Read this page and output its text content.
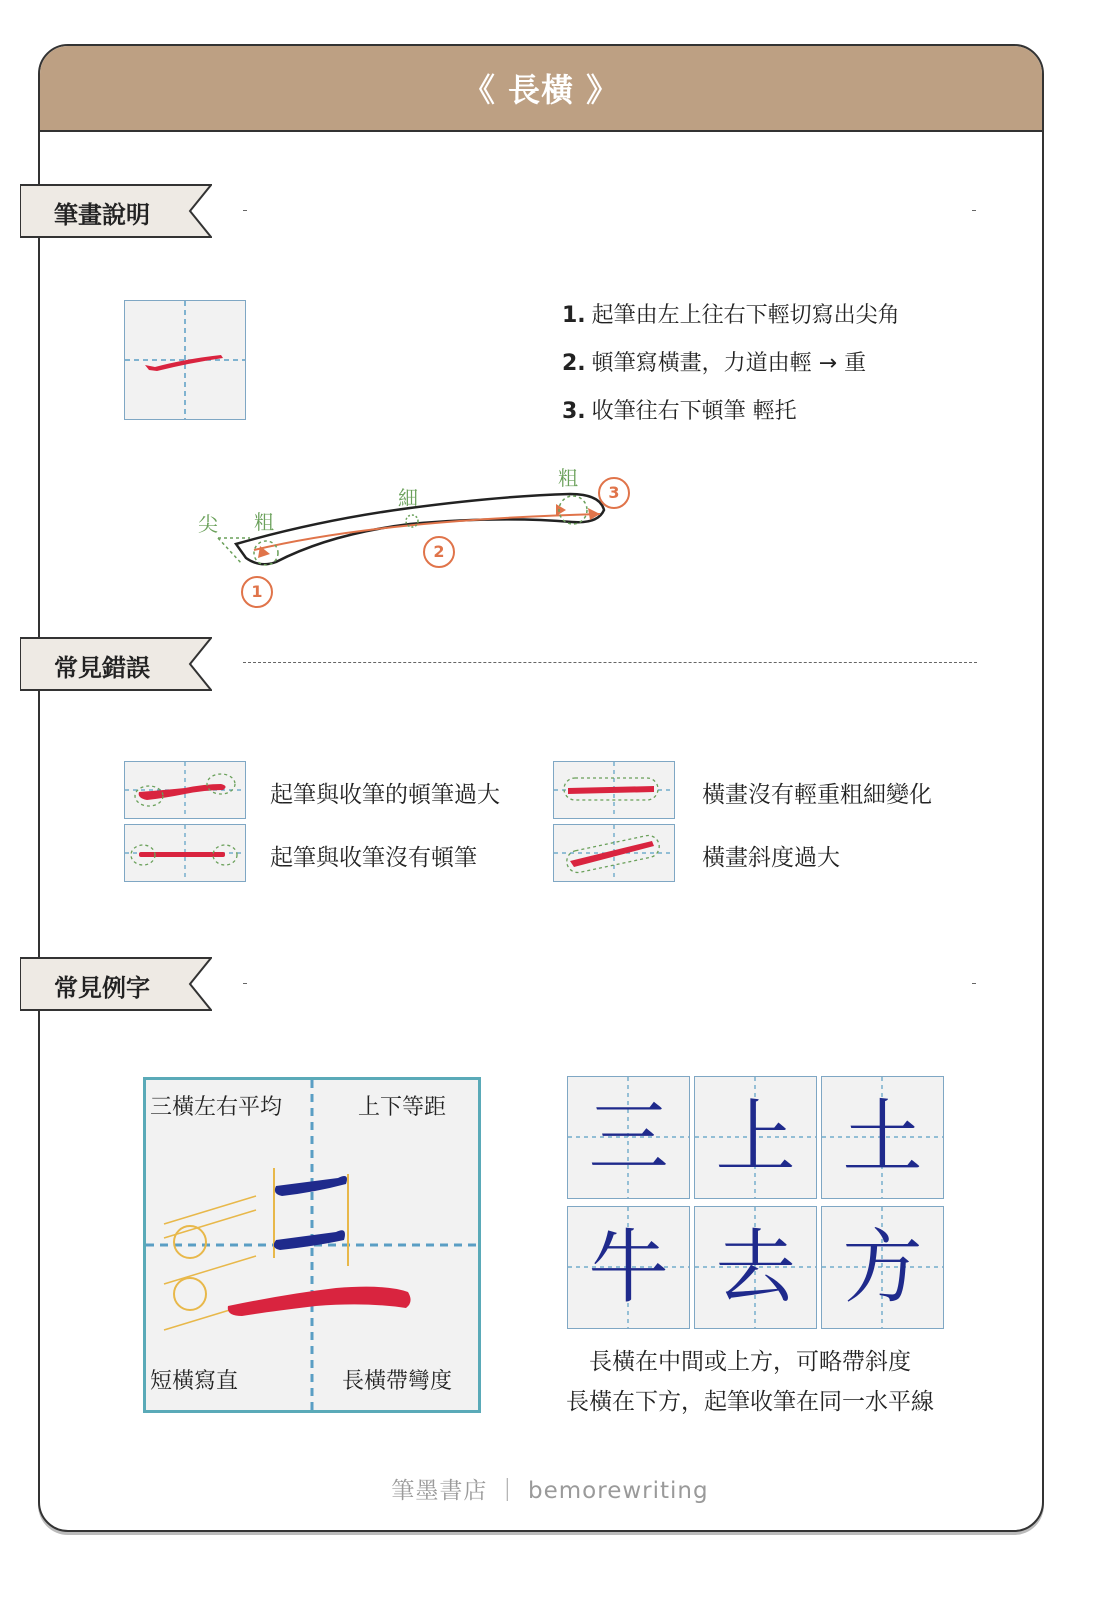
《 長橫 》
筆畫說明
1. 起筆由左上往右下輕切寫出尖角
2. 頓筆寫橫畫，力道由輕 → 重
3. 收筆往右下頓筆 輕托
尖 粗
細
粗
1
2
3
常見錯誤
起筆與收筆的頓筆過大	橫畫沒有輕重粗細變化
起筆與收筆沒有頓筆	橫畫斜度過大
常見例字
三橫左右平均	上下等距
短橫寫直	長橫帶彎度
三 上 土
牛 去 方
長橫在中間或上方，可略帶斜度
長橫在下方，起筆收筆在同一水平線
筆墨書店 ｜ bemorewriting
